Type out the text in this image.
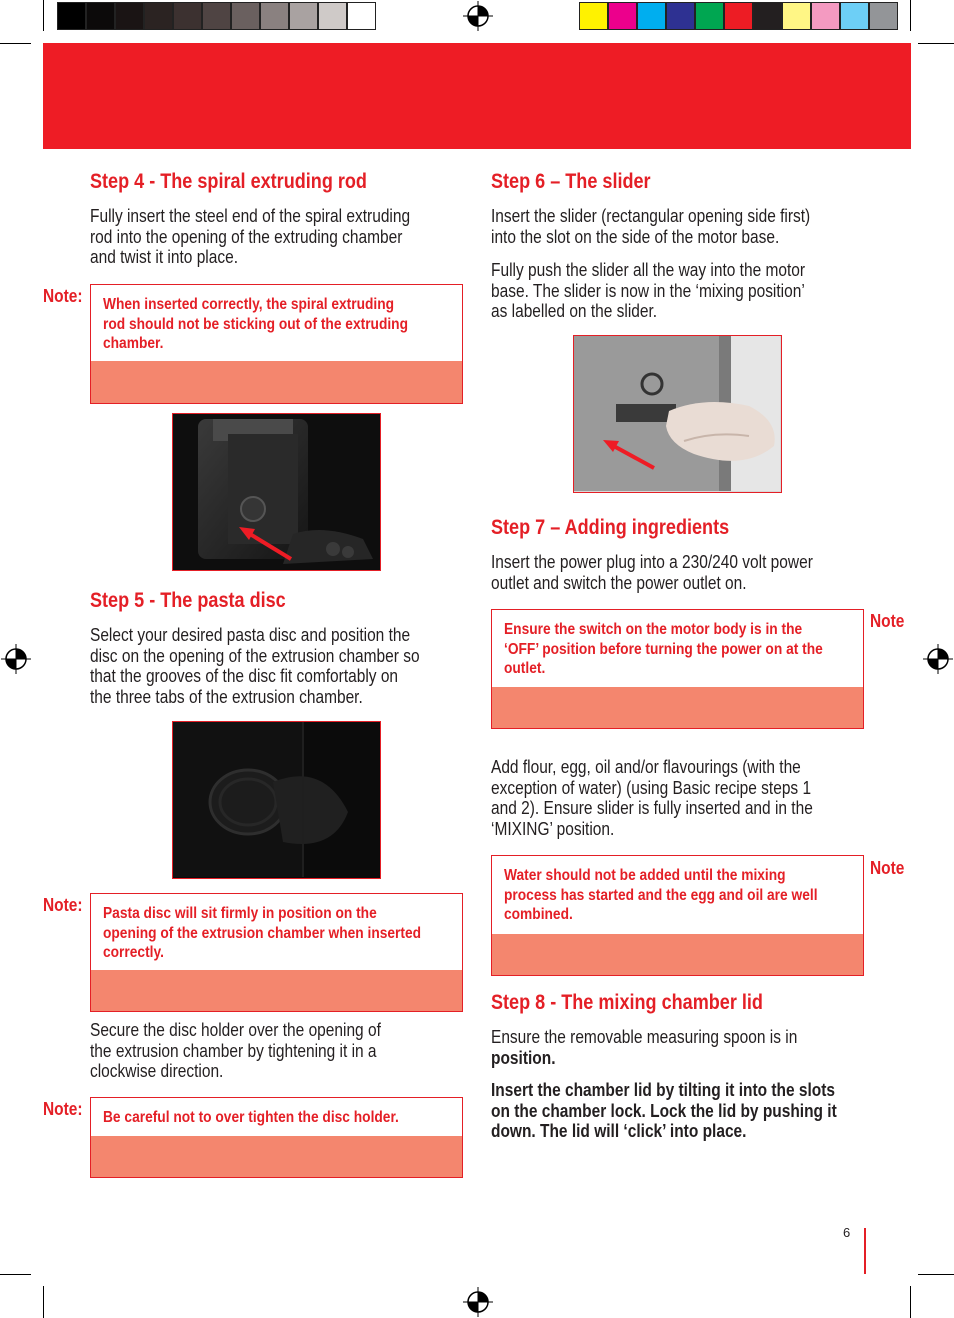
Step 4 - The spiral extruding rod
Fully insert the steel end of the spiral extruding
rod into the opening of the extruding chamber
and twist it into place.
Note: When inserted correctly, the spiral extruding
rod should not be sticking out of the extruding
chamber.
Step 5 - The pasta disc
Select your desired pasta disc and position the
disc on the opening of the extrusion chamber so
that the grooves of the disc fit comfortably on
the three tabs of the extrusion chamber.
Note: Pasta disc will sit firmly in position on the
opening of the extrusion chamber when inserted
correctly.
Secure the disc holder over the opening of
the extrusion chamber by tightening it in a
clockwise direction.
Note: Be careful not to over tighten the disc holder.
Step 6 – The slider
Insert the slider (rectangular opening side first)
into the slot on the side of the motor base.
Fully push the slider all the way into the motor
base. The slider is now in the ‘mixing position’
as labelled on the slider.
Step 7 – Adding ingredients
Insert the power plug into a 230/240 volt power
outlet and switch the power outlet on.
Ensure the switch on the motor body is in the
‘OFF’ position before turning the power on at the
outlet.
Note
Add flour, egg, oil and/or flavourings (with the
exception of water) (using Basic recipe steps 1
and 2). Ensure slider is fully inserted and in the
‘MIXING’ position.
Water should not be added until the mixing
process has started and the egg and oil are well
combined.
Note
Step 8 - The mixing chamber lid
Ensure the removable measuring spoon is in
position.
Insert the chamber lid by tilting it into the slots
on the chamber lock. Lock the lid by pushing it
down. The lid will ‘click’ into place.
6
